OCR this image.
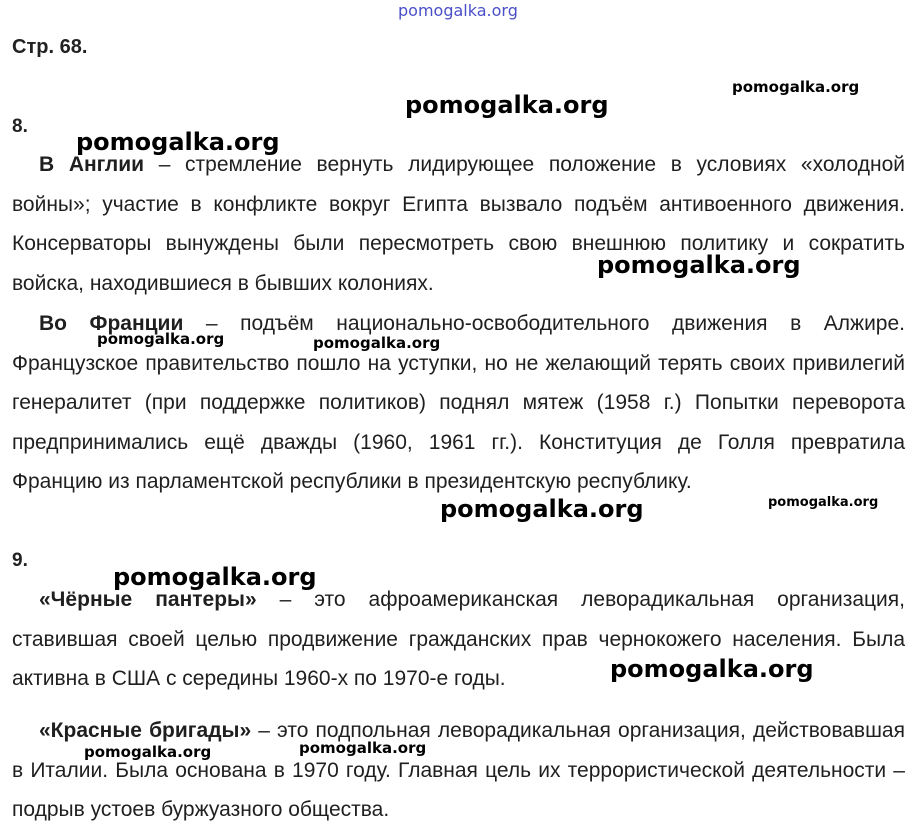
pomogalka.org
Стр. 68.
8.

В Англии – стремление вернуть лидирующее положение в условиях «холодной войны»; участие в конфликте вокруг Египта вызвало подъём антивоенного движения. Консерваторы вынуждены были пересмотреть свою внешнюю политику и сократить войска, находившиеся в бывших колониях.

Во Франции – подъём национально-освободительного движения в Алжире. Французское правительство пошло на уступки, но не желающий терять своих привилегий генералитет (при поддержке политиков) поднял мятеж (1958 г.) Попытки переворота предпринимались ещё дважды (1960, 1961 гг.). Конституция де Голля превратила Францию из парламентской республики в президентскую республику.

9.

«Чёрные пантеры» – это афроамериканская леворадикальная организация, ставившая своей целью продвижение гражданских прав чернокожего населения. Была активна в США с середины 1960-х по 1970-е годы.

«Красные бригады» – это подпольная леворадикальная организация, действовавшая в Италии. Была основана в 1970 году. Главная цель их террористической деятельности – подрыв устоев буржуазного общества.

pomogalka.org
pomogalka.org
pomogalka.org
pomogalka.org
pomogalka.org	pomogalka.org
pomogalka.org	pomogalka.org
pomogalka.org
pomogalka.org
pomogalka.org	pomogalka.org
